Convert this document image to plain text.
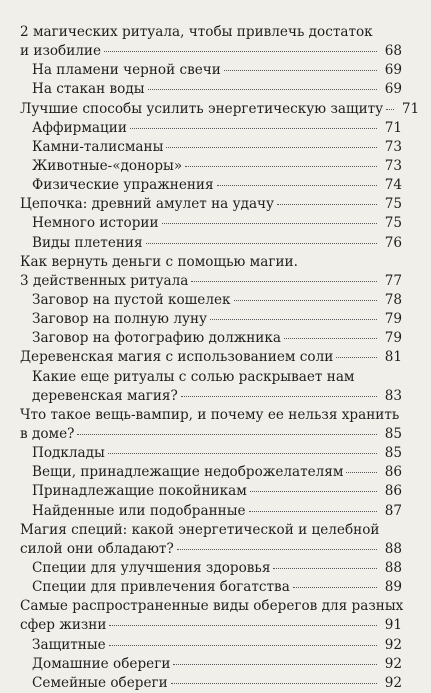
2 магических ритуала, чтобы привлечь достаток
и изобилие	68
На пламени черной свечи	69
На стакан воды	69
Лучшие способы усилить энергетическую защиту	71
Аффирмации	71
Камни-талисманы	73
Животные-«доноры»	73
Физические упражнения	74
Цепочка: древний амулет на удачу	75
Немного истории	75
Виды плетения	76
Как вернуть деньги с помощью магии.
3 действенных ритуала	77
Заговор на пустой кошелек	78
Заговор на полную луну	79
Заговор на фотографию должника	79
Деревенская магия с использованием соли	81
Какие еще ритуалы с солью раскрывает нам
деревенская магия?	83
Что такое вещь-вампир, и почему ее нельзя хранить
в доме?	85
Подклады	85
Вещи, принадлежащие недоброжелателям	86
Принадлежащие покойникам	86
Найденные или подобранные	87
Магия специй: какой энергетической и целебной
силой они обладают?	88
Специи для улучшения здоровья	88
Специи для привлечения богатства	89
Самые распространенные виды оберегов для разных
сфер жизни	91
Защитные	92
Домашние обереги	92
Семейные обереги	92
